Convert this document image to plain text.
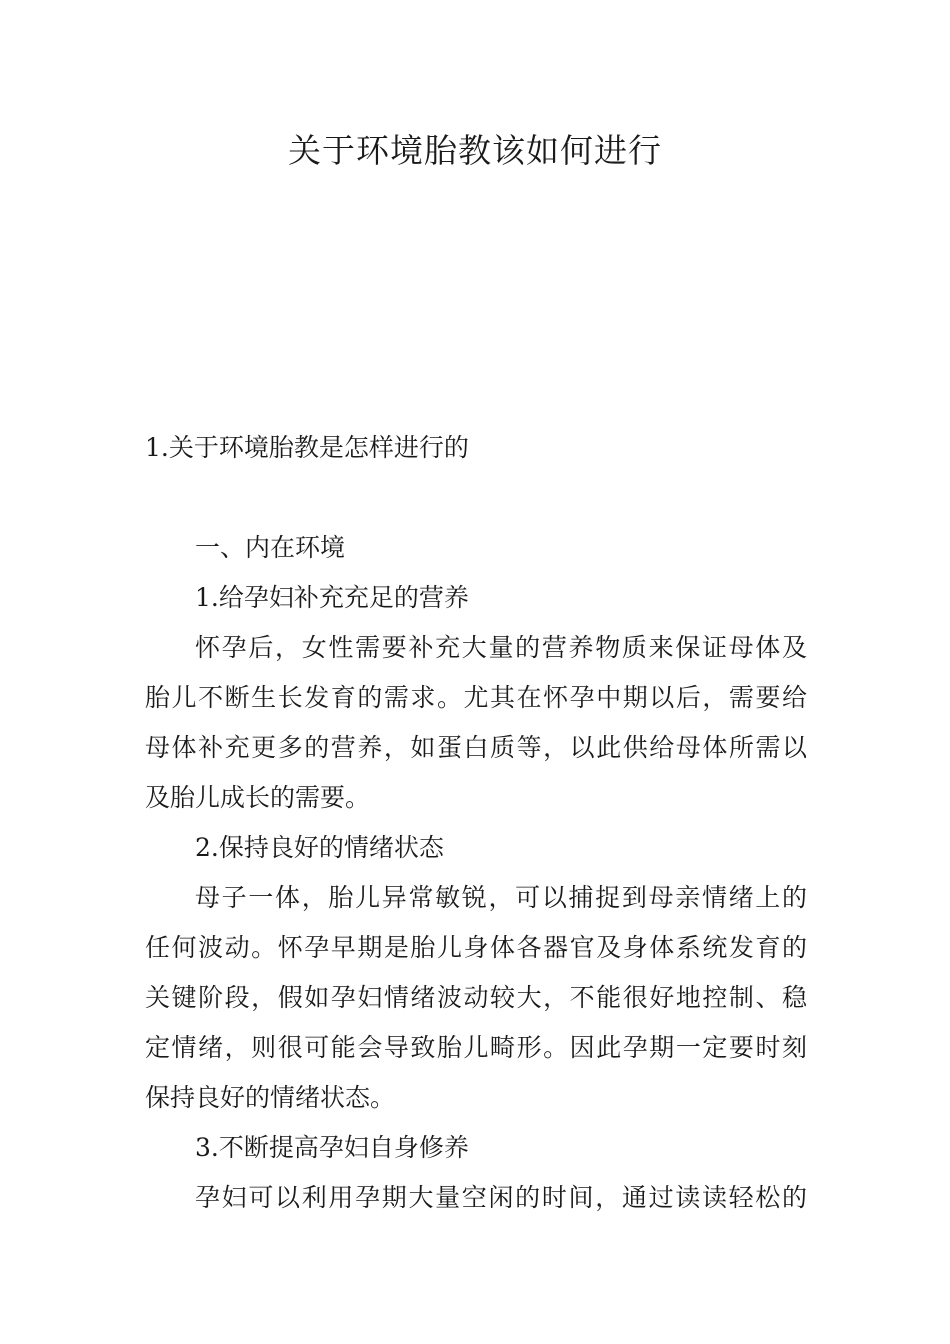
关于环境胎教该如何进行

1.关于环境胎教是怎样进行的

一、内在环境

1.给孕妇补充充足的营养

怀孕后，女性需要补充大量的营养物质来保证母体及

胎儿不断生长发育的需求。尤其在怀孕中期以后，需要给

母体补充更多的营养，如蛋白质等，以此供给母体所需以

及胎儿成长的需要。

2.保持良好的情绪状态

母子一体，胎儿异常敏锐，可以捕捉到母亲情绪上的

任何波动。怀孕早期是胎儿身体各器官及身体系统发育的

关键阶段，假如孕妇情绪波动较大，不能很好地控制、稳

定情绪，则很可能会导致胎儿畸形。因此孕期一定要时刻

保持良好的情绪状态。

3.不断提高孕妇自身修养

孕妇可以利用孕期大量空闲的时间，通过读读轻松的
